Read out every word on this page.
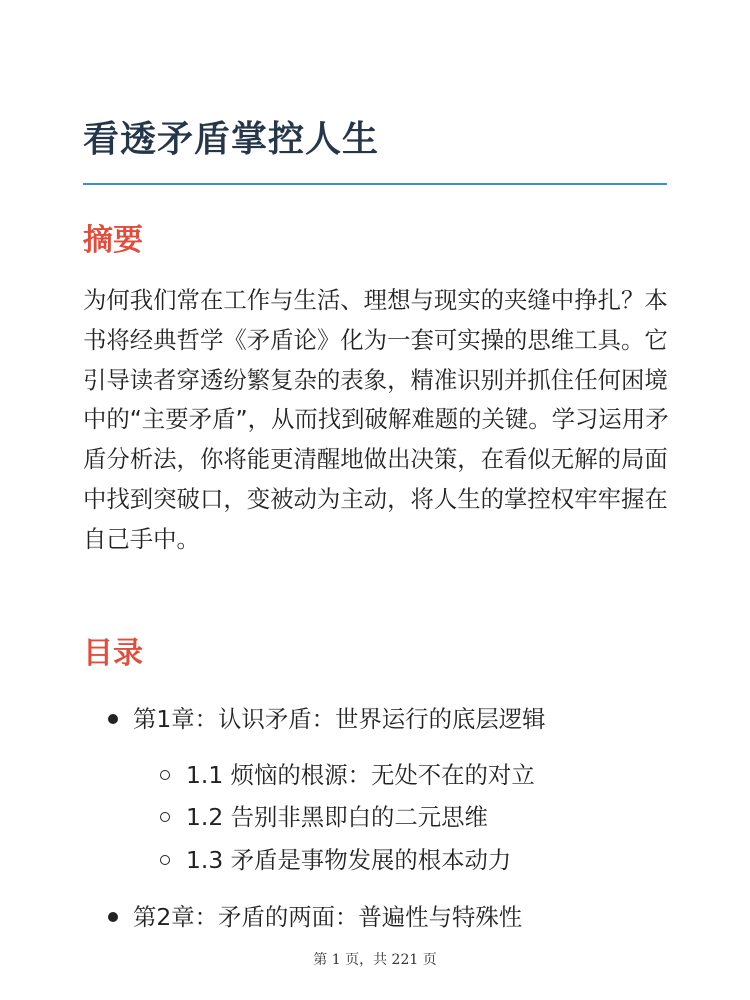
看透矛盾掌控人生
摘要

为何我们常在工作与生活、理想与现实的夹缝中挣扎？本书将经典哲学《矛盾论》化为一套可实操的思维工具。它引导读者穿透纷繁复杂的表象，精准识别并抓住任何困境中的“主要矛盾”，从而找到破解难题的关键。学习运用矛盾分析法，你将能更清醒地做出决策，在看似无解的局面中找到突破口，变被动为主动，将人生的掌控权牢牢握在自己手中。

目录
第1章：认识矛盾：世界运行的底层逻辑
1.1 烦恼的根源：无处不在的对立
1.2 告别非黑即白的二元思维
1.3 矛盾是事物发展的根本动力
第2章：矛盾的两面：普遍性与特殊性
第 1 页，共 221 页
